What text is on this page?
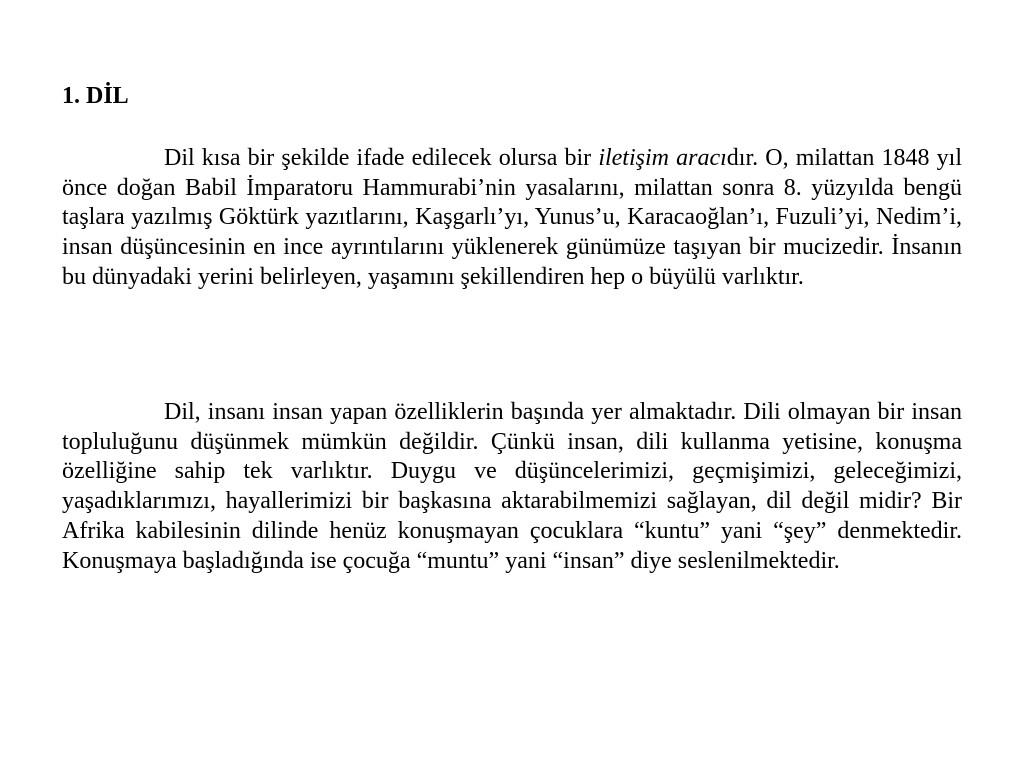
1. DİL

Dil kısa bir şekilde ifade edilecek olursa bir iletişim aracıdır. O, milattan 1848 yıl önce doğan Babil İmparatoru Hammurabi’nin yasalarını, milattan sonra 8. yüzyılda bengü taşlara yazılmış Göktürk yazıtlarını, Kaşgarlı’yı, Yunus’u, Karacaoğlan’ı, Fuzuli’yi, Nedim’i, insan düşüncesinin en ince ayrıntılarını yüklenerek günümüze taşıyan bir mucizedir. İnsanın bu dünyadaki yerini belirleyen, yaşamını şekillendiren hep o büyülü varlıktır.

Dil, insanı insan yapan özelliklerin başında yer almaktadır. Dili olmayan bir insan topluluğunu düşünmek mümkün değildir. Çünkü insan, dili kullanma yetisine, konuşma özelliğine sahip tek varlıktır. Duygu ve düşüncelerimizi, geçmişimizi, geleceğimizi, yaşadıklarımızı, hayallerimizi bir başkasına aktarabilmemizi sağlayan, dil değil midir? Bir Afrika kabilesinin dilinde henüz konuşmayan çocuklara “kuntu” yani “şey” denmektedir. Konuşmaya başladığında ise çocuğa “muntu” yani “insan” diye seslenilmektedir.
